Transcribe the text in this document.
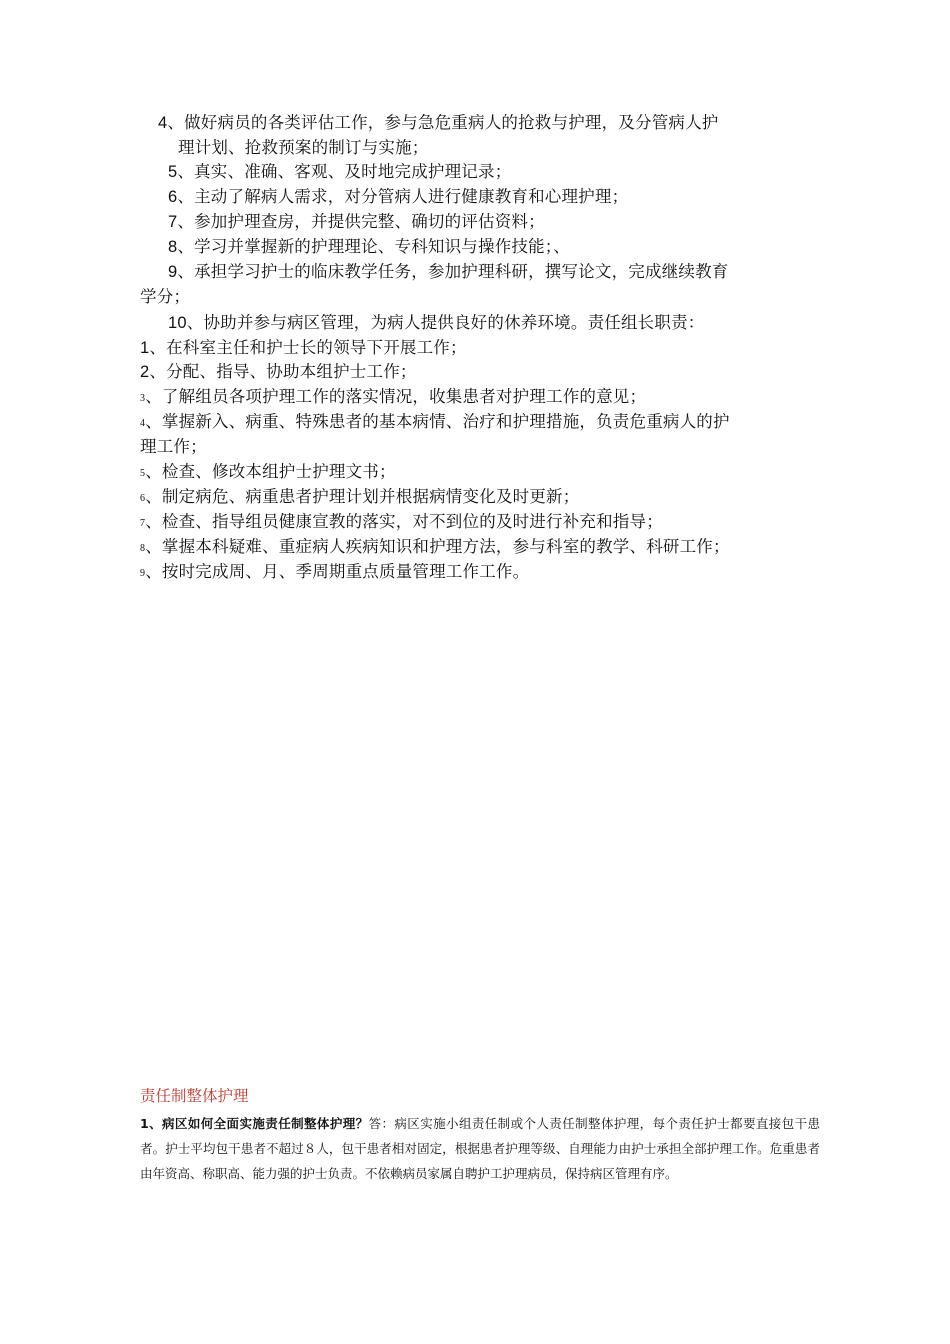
4、做好病员的各类评估工作，参与急危重病人的抢救与护理，及分管病人护
理计划、抢救预案的制订与实施；
5、真实、准确、客观、及时地完成护理记录；
6、主动了解病人需求，对分管病人进行健康教育和心理护理；
7、参加护理查房，并提供完整、确切的评估资料；
8、学习并掌握新的护理理论、专科知识与操作技能；、
9、承担学习护士的临床教学任务，参加护理科研，撰写论文，完成继续教育
学分；
10、协助并参与病区管理，为病人提供良好的休养环境。责任组长职责：
1、在科室主任和护士长的领导下开展工作；
2、分配、指导、协助本组护士工作；
3、了解组员各项护理工作的落实情况，收集患者对护理工作的意见；
4、掌握新入、病重、特殊患者的基本病情、治疗和护理措施，负责危重病人的护
理工作；
5、检查、修改本组护士护理文书；
6、制定病危、病重患者护理计划并根据病情变化及时更新；
7、检查、指导组员健康宣教的落实，对不到位的及时进行补充和指导；
8、掌握本科疑难、重症病人疾病知识和护理方法，参与科室的教学、科研工作；
9、按时完成周、月、季周期重点质量管理工作工作。
责任制整体护理
1、病区如何全面实施责任制整体护理？答：病区实施小组责任制或个人责任制整体护理，每个责任护士都要直接包干患者。护士平均包干患者不超过８人，包干患者相对固定，根据患者护理等级、自理能力由护士承担全部护理工作。危重患者由年资高、称职高、能力强的护士负责。不依赖病员家属自聘护工护理病员，保持病区管理有序。
